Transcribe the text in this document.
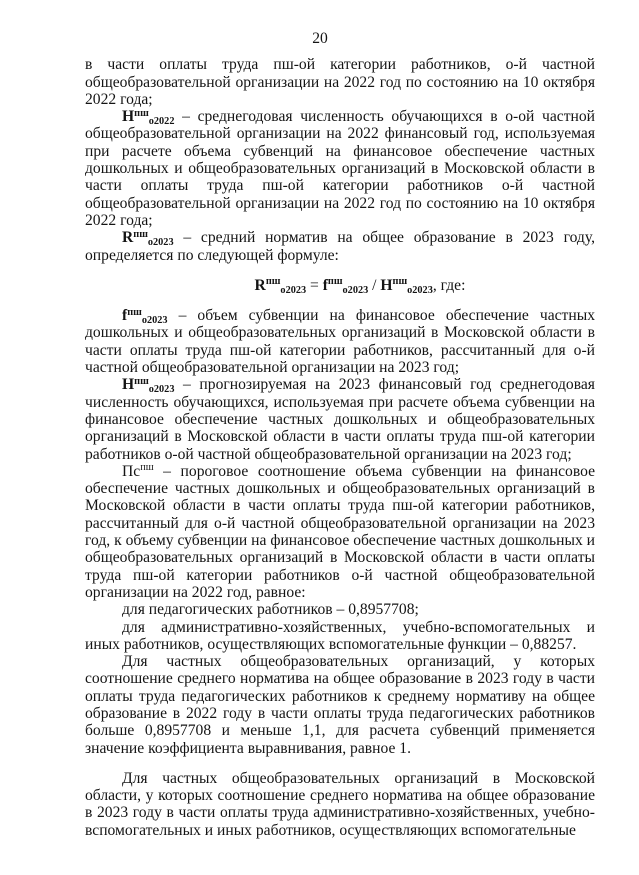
20

в части оплаты труда пш-ой категории работников, о-й частной общеобразовательной организации на 2022 год по состоянию на 10 октября 2022 года;

$Н^{пш}_{о2022}$ – среднегодовая численность обучающихся в о-ой частной общеобразовательной организации на 2022 финансовый год, используемая при расчете объема субвенций на финансовое обеспечение частных дошкольных и общеобразовательных организаций в Московской области в части оплаты труда пш-ой категории работников о-й частной общеобразовательной организации на 2022 год по состоянию на 10 октября 2022 года;

$R^{пш}_{о2023}$ – средний норматив на общее образование в 2023 году, определяется по следующей формуле:

$R^{пш}_{о2023} = f^{пш}_{о2023} / Н^{пш}_{о2023}$, где:

$f^{пш}_{о2023}$ – объем субвенции на финансовое обеспечение частных дошкольных и общеобразовательных организаций в Московской области в части оплаты труда пш-ой категории работников, рассчитанный для о-й частной общеобразовательной организации на 2023 год;

$Н^{пш}_{о2023}$ – прогнозируемая на 2023 финансовый год среднегодовая численность обучающихся, используемая при расчете объема субвенции на финансовое обеспечение частных дошкольных и общеобразовательных организаций в Московской области в части оплаты труда пш-ой категории работников о-ой частной общеобразовательной организации на 2023 год;

$Пс^{пш}$ – пороговое соотношение объема субвенции на финансовое обеспечение частных дошкольных и общеобразовательных организаций в Московской области в части оплаты труда пш-ой категории работников, рассчитанный для о-й частной общеобразовательной организации на 2023 год, к объему субвенции на финансовое обеспечение частных дошкольных и общеобразовательных организаций в Московской области в части оплаты труда пш-ой категории работников о-й частной общеобразовательной организации на 2022 год, равное:

для педагогических работников – 0,8957708;

для административно-хозяйственных, учебно-вспомогательных и иных работников, осуществляющих вспомогательные функции – 0,88257.

Для частных общеобразовательных организаций, у которых соотношение среднего норматива на общее образование в 2023 году в части оплаты труда педагогических работников к среднему нормативу на общее образование в 2022 году в части оплаты труда педагогических работников больше 0,8957708 и меньше 1,1, для расчета субвенций применяется значение коэффициента выравнивания, равное 1.

Для частных общеобразовательных организаций в Московской области, у которых соотношение среднего норматива на общее образование в 2023 году в части оплаты труда административно-хозяйственных, учебно-вспомогательных и иных работников, осуществляющих вспомогательные
